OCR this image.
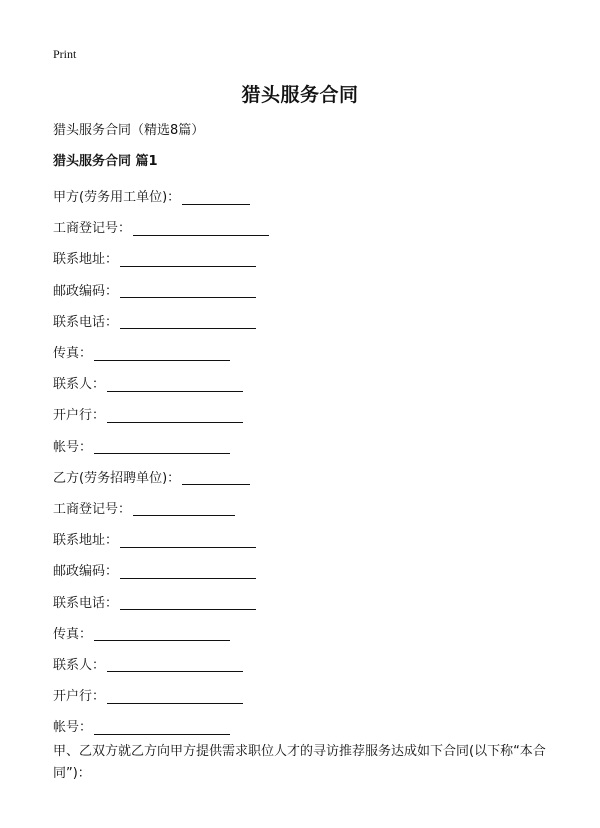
Print
猎头服务合同
猎头服务合同（精选8篇）
猎头服务合同 篇1
甲方(劳务用工单位)：
工商登记号：
联系地址：
邮政编码：
联系电话：
传真：
联系人：
开户行：
帐号：
乙方(劳务招聘单位)：
工商登记号：
联系地址：
邮政编码：
联系电话：
传真：
联系人：
开户行：
帐号：
甲、乙双方就乙方向甲方提供需求职位人才的寻访推荐服务达成如下合同(以下称“本合同”)：
